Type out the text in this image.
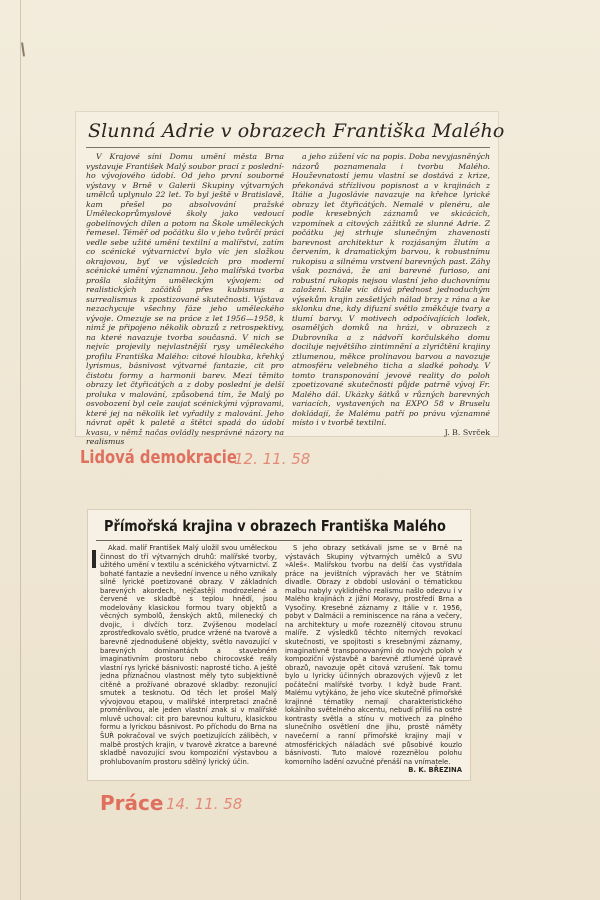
Slunná Adrie v obrazech Františka Malého

V Krajové síni Domu umění města Brna vystavuje František Malý soubor prací z posledního vývojového údobí. Od jeho první souborné výstavy v Brně v Galerii Skupiny výtvarných umělců uplynulo 22 let. To byl ještě v Bratislavě, kam přešel po absolvování pražské Uměleckoprůmyslové školy jako vedoucí gobelínových dílen a potom na Škole uměleckých řemesel. Téměř od počátku šlo v jeho tvůrčí práci vedle sebe užité umění textilní a malířství, zatím co scénické výtvarnictví bylo víc jen složkou okrajovou, byť ve výsledcích pro moderní scénické umění významnou. Jeho malířská tvorba prošla složitým uměleckým vývojem: od realistických začátků přes kubismus a surrealismus k zpostizované skutečnosti. Výstava nezachycuje všechny fáze jeho uměleckého vývoje. Omezuje se na práce z let 1956—1958, k nimž je připojeno několik obrazů z retrospektivy, na které navazuje tvorba současná. V nich se nejvíc projevily nejvlastnější rysy uměleckého profilu Františka Malého: citové hloubka, křehký lyrismus, básnivost výtvarné fantazie, cit pro čistotu formy a harmonii barev. Mezi těmito obrazy let čtyřicátých a z doby poslední je delší proluka v malování, způsobená tím, že Malý po osvobození byl cele zaujat scénickými výpravami, které jej na několik let vyřadily z malování. Jeho návrat opět k paletě a štětci spadá do údobí kvasu, v němž načas ovládly nesprávné názory na realismus

a jeho zúžení víc na popis. Doba nevyjasněných názorů poznamenala i tvorbu Malého. Houževnatostí jemu vlastní se dostává z krize, překonává střízlivou popisnost a v krajinách z Itálie a Jugoslávie navazuje na křehce lyrické obrazy let čtyřicátých. Nemalé v plenéru, ale podle kresebných záznamů ve skicácích, vzpomínek a citových zážitků ze slunné Adrie. Z počátku jej strhuje slunečným zhavenosti barevnost architektur k rozjásaným žlutím a červením, k dramatickým barvou, k robustnímu rukopisu a silnému vrstvení barevných past. Záhy však poznává, že ani barevné furioso, ani robustní rukopis nejsou vlastní jeho duchovnímu založení. Stále víc dává přednost jednoduchým výsekům krajin zesšetlých nálad brzy z rána a ke sklonku dne, kdy difuzní světlo změkčuje tvary a tlumí barvy. V motivech odpočívajících loďek, osamělých domků na hrázi, v obrazech z Dubrovníka a z nádvoří korčulského domu dociluje největšího zintimnění a zlyričtění krajiny ztlumenou, měkce prolínavou barvou a navozuje atmosféru velebného ticha a sladké pohody. V tomto transponování jevové reality do poloh zpoetizované skutečnosti půjde patrně vývoj Fr. Malého dál. Ukázky šátků v různých barevných variacích, vystavených na EXPO 58 v Bruselu dokládají, že Malému patří po právu významné místo i v tvorbě textilní.

J. B. Svrček
Lidová demokracie
12. 11. 58
Přímořská krajina v obrazech Františka Malého

Akad. malíř František Malý uložil svou uměleckou činnost do tří výtvarných druhů: malířské tvorby, užitého umění v textilu a scénického výtvarnictví. Z bohaté fantazie a nevšední invence u něho vznikaly silně lyrické poetizované obrazy. V základních barevných akordech, nejčastěji modrozelené a červené ve skladbě s teplou hnědí, jsou modelovány klasickou formou tvary objektů a věcných symbolů, ženských aktů, milenecký ch dvojic, i dívčích torz. Zvýšenou modelací zprostředkovalo světlo, prudce vržené na tvarově a barevně zjednodušené objekty, světlo navozující v barevných dominantách a stavebném imaginativním prostoru nebo chirocovské reály vlastní rys lyrické básnivosti: naprosté ticho. A ještě jedna příznačnou vlastnost měly tyto subjektivně citěně a prožívané obrazové skladby: rezonující smutek a tesknotu. Od těch let prošel Malý vývojovou etapou, v malířské interpretaci značně proměnlivou, ale jeden vlastní znak si v malířské mluvě uchoval: cit pro barevnou kulturu, klasickou formu a lyrickou básnivost. Po příchodu do Brna na ŠUŘ pokračoval ve svých poetizujících záliběch, v malbě prostých krajin, v tvarově zkratce a barevné skladbě navozující svou kompoziční výstavbou a prohlubovaním prostoru sdělný lyrický účin.

S jeho obrazy setkávali jsme se v Brně na výstavách Skupiny výtvarných umělců a SVU »Aleš«. Malířskou tvorbu na delší čas vystřídala práce na jevištních výpravách her ve Státním divadle. Obrazy z období uslování o tématickou malbu nabyly vyklidného realismu našlo odezvu i v Malého krajinách z jižní Moravy, prostředí Brna a Vysočiny. Kresebné záznamy z Itálie v r. 1956, pobyt v Dalmácii a reminiscence na rána a večery, na architektury u moře rozeznělý citovou strunu malíře. Z výsledků těchto niterných revokací skutečnosti, ve spojitosti s kresebnými záznamy, imaginativně transponovanými do nových poloh v kompoziční výstavbě a barevně ztlumené úpravě obrazů, navozuje opět citová vzrušení. Tak tomu bylo u lyricky účinných obrazových výjevů z let počáteční malířské tvorby. I když bude Frant. Malému vytýkáno, že jeho více skutečně přímořské krajinné tématiky nemají charakteristického lokálního světelného akcentu, nebudí příliš na ostré kontrasty světla a stínu v motivech za plného slunečního osvětlení dne jihu, prostě náměty navečerní a ranní přímořské krajiny mají v atmosférických náladách své působivé kouzlo básnivosti. Tuto malové rozeznělou polohu komorního ladění ozvučné přenáší na vnímatele.

B. K. BŘEZINA
Práce 14. 11. 58
